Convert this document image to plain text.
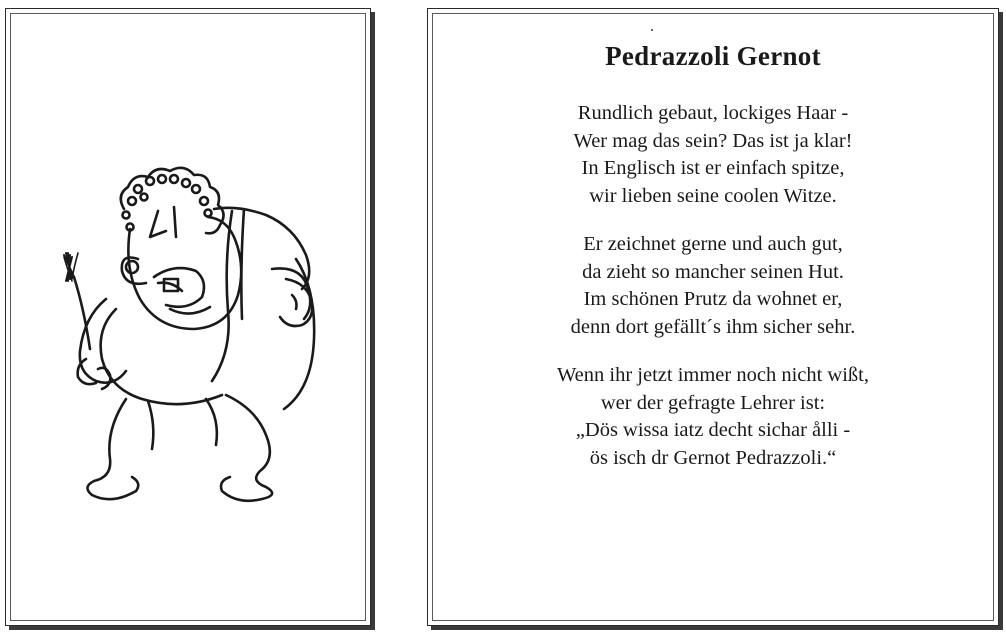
Pedrazzoli Gernot
Rundlich gebaut, lockiges Haar -
Wer mag das sein? Das ist ja klar!
In Englisch ist er einfach spitze,
wir lieben seine coolen Witze.
Er zeichnet gerne und auch gut,
da zieht so mancher seinen Hut.
Im schönen Prutz da wohnet er,
denn dort gefällt´s ihm sicher sehr.
Wenn ihr jetzt immer noch nicht wißt,
wer der gefragte Lehrer ist:
„Dös wissa iatz decht sichar ålli -
ös isch dr Gernot Pedrazzoli.“
